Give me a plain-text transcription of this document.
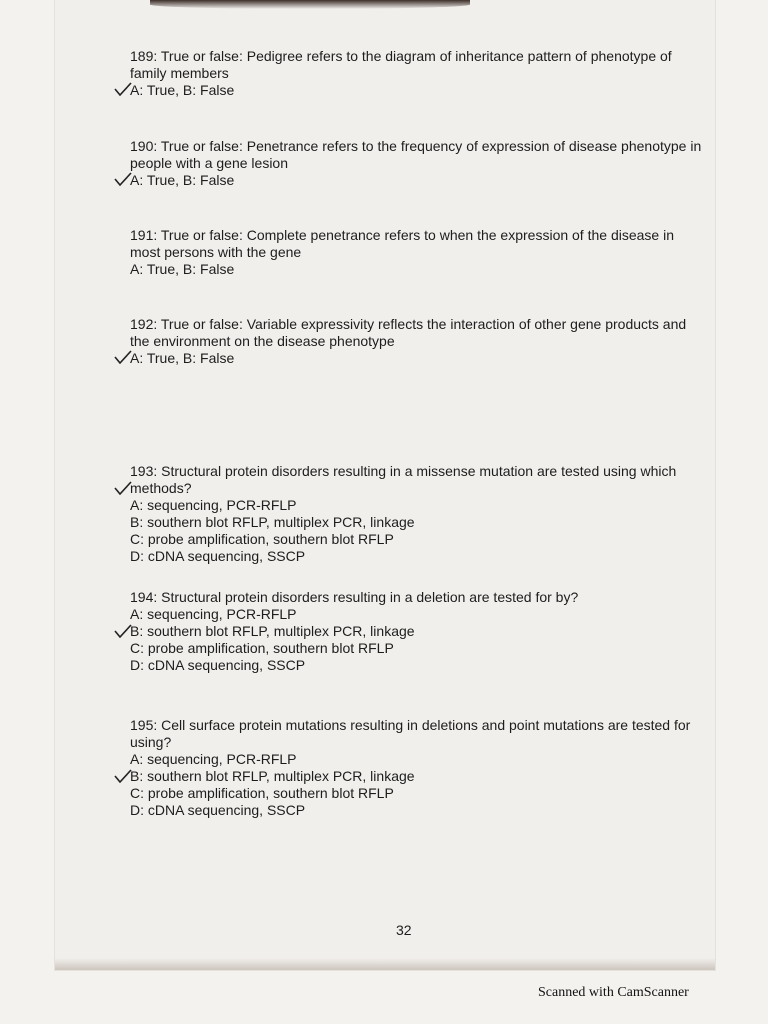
189: True or false: Pedigree refers to the diagram of inheritance pattern of phenotype of family members

A: True, B: False

190: True or false: Penetrance refers to the frequency of expression of disease phenotype in people with a gene lesion

A: True, B: False

191: True or false: Complete penetrance refers to when the expression of the disease in most persons with the gene

A: True, B: False

192: True or false: Variable expressivity reflects the interaction of other gene products and the environment on the disease phenotype

A: True, B: False

193: Structural protein disorders resulting in a missense mutation are tested using which methods?

A: sequencing, PCR-RFLP

B: southern blot RFLP, multiplex PCR, linkage

C: probe amplification, southern blot RFLP

D: cDNA sequencing, SSCP

194: Structural protein disorders resulting in a deletion are tested for by?

A: sequencing, PCR-RFLP

B: southern blot RFLP, multiplex PCR, linkage

C: probe amplification, southern blot RFLP

D: cDNA sequencing, SSCP

195: Cell surface protein mutations resulting in deletions and point mutations are tested for using?

A: sequencing, PCR-RFLP

B: southern blot RFLP, multiplex PCR, linkage

C: probe amplification, southern blot RFLP

D: cDNA sequencing, SSCP

32
Scanned with CamScanner
